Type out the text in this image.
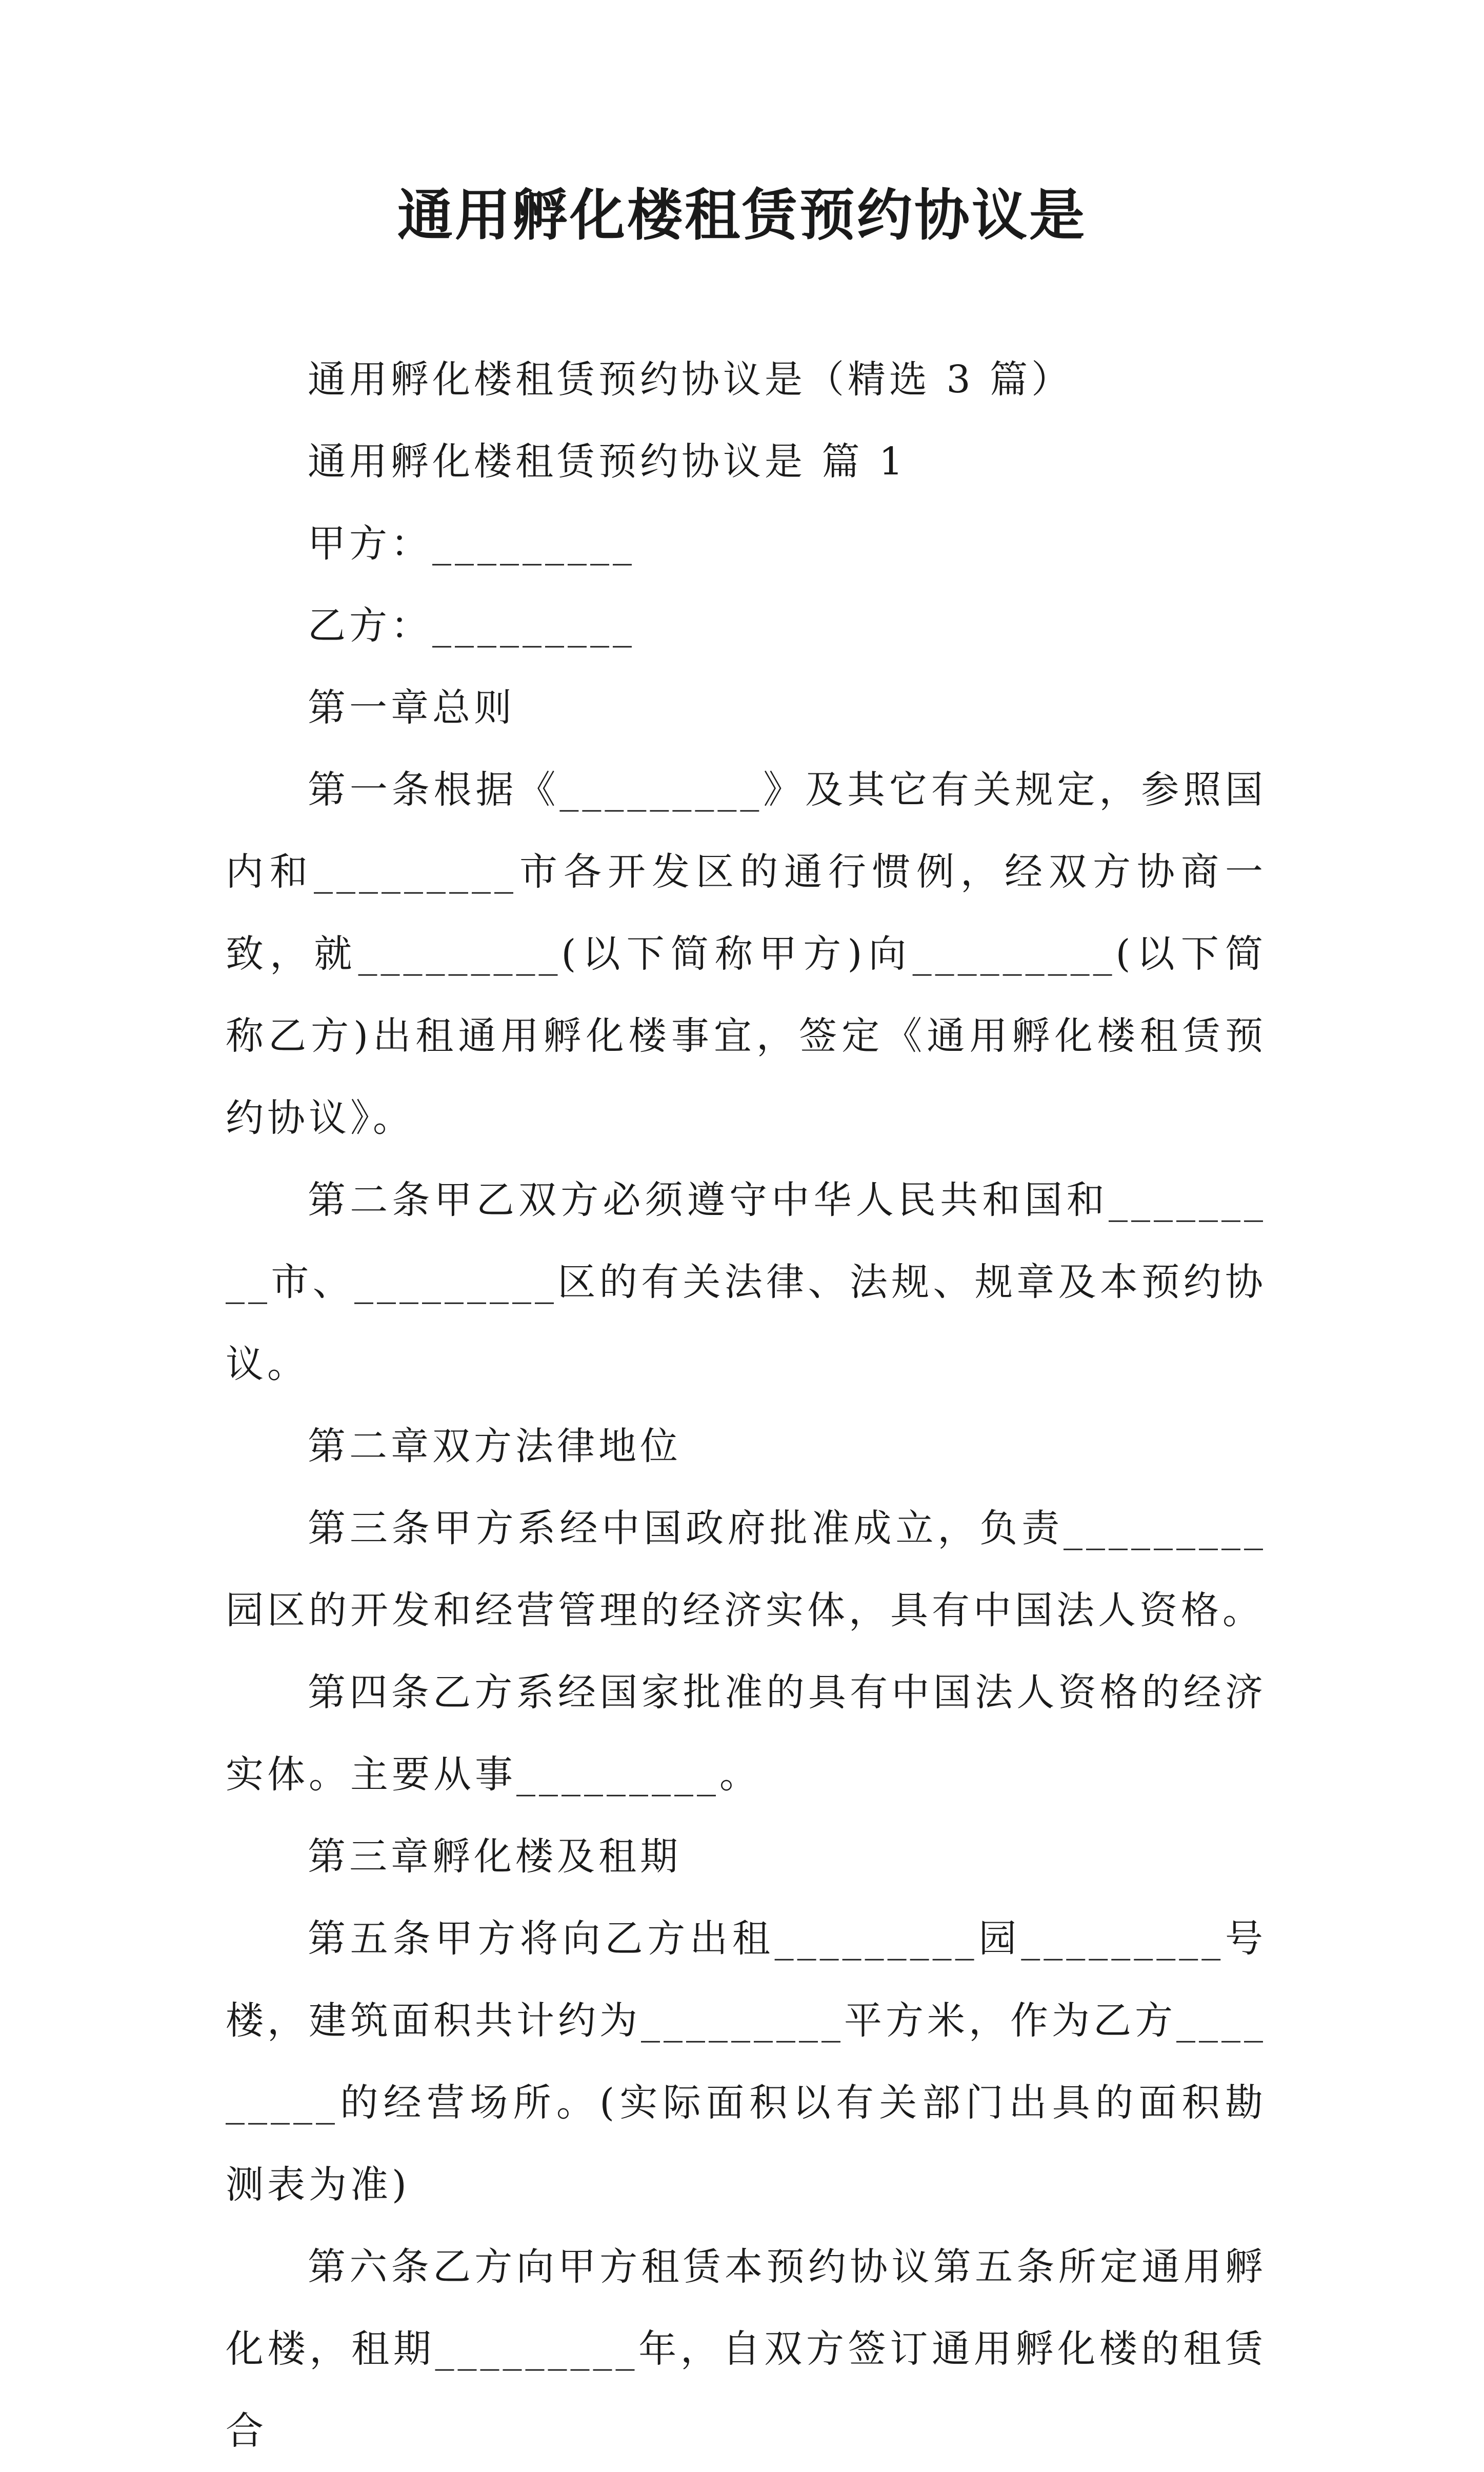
通用孵化楼租赁预约协议是

通用孵化楼租赁预约协议是（精选 3 篇）

通用孵化楼租赁预约协议是 篇 1

甲方：_________

乙方：_________

第一章总则

第一条根据《_________》及其它有关规定，参照国内和_________市各开发区的通行惯例，经双方协商一致，就_________(以下简称甲方)向_________(以下简称乙方)出租通用孵化楼事宜，签定《通用孵化楼租赁预约协议》。

第二条甲乙双方必须遵守中华人民共和国和_________市、_________区的有关法律、法规、规章及本预约协议。

第二章双方法律地位

第三条甲方系经中国政府批准成立，负责_________园区的开发和经营管理的经济实体，具有中国法人资格。

第四条乙方系经国家批准的具有中国法人资格的经济实体。主要从事_________。

第三章孵化楼及租期

第五条甲方将向乙方出租_________园_________号楼，建筑面积共计约为_________平方米，作为乙方_________的经营场所。(实际面积以有关部门出具的面积勘测表为准)

第六条乙方向甲方租赁本预约协议第五条所定通用孵化楼，租期_________年，自双方签订通用孵化楼的租赁合
